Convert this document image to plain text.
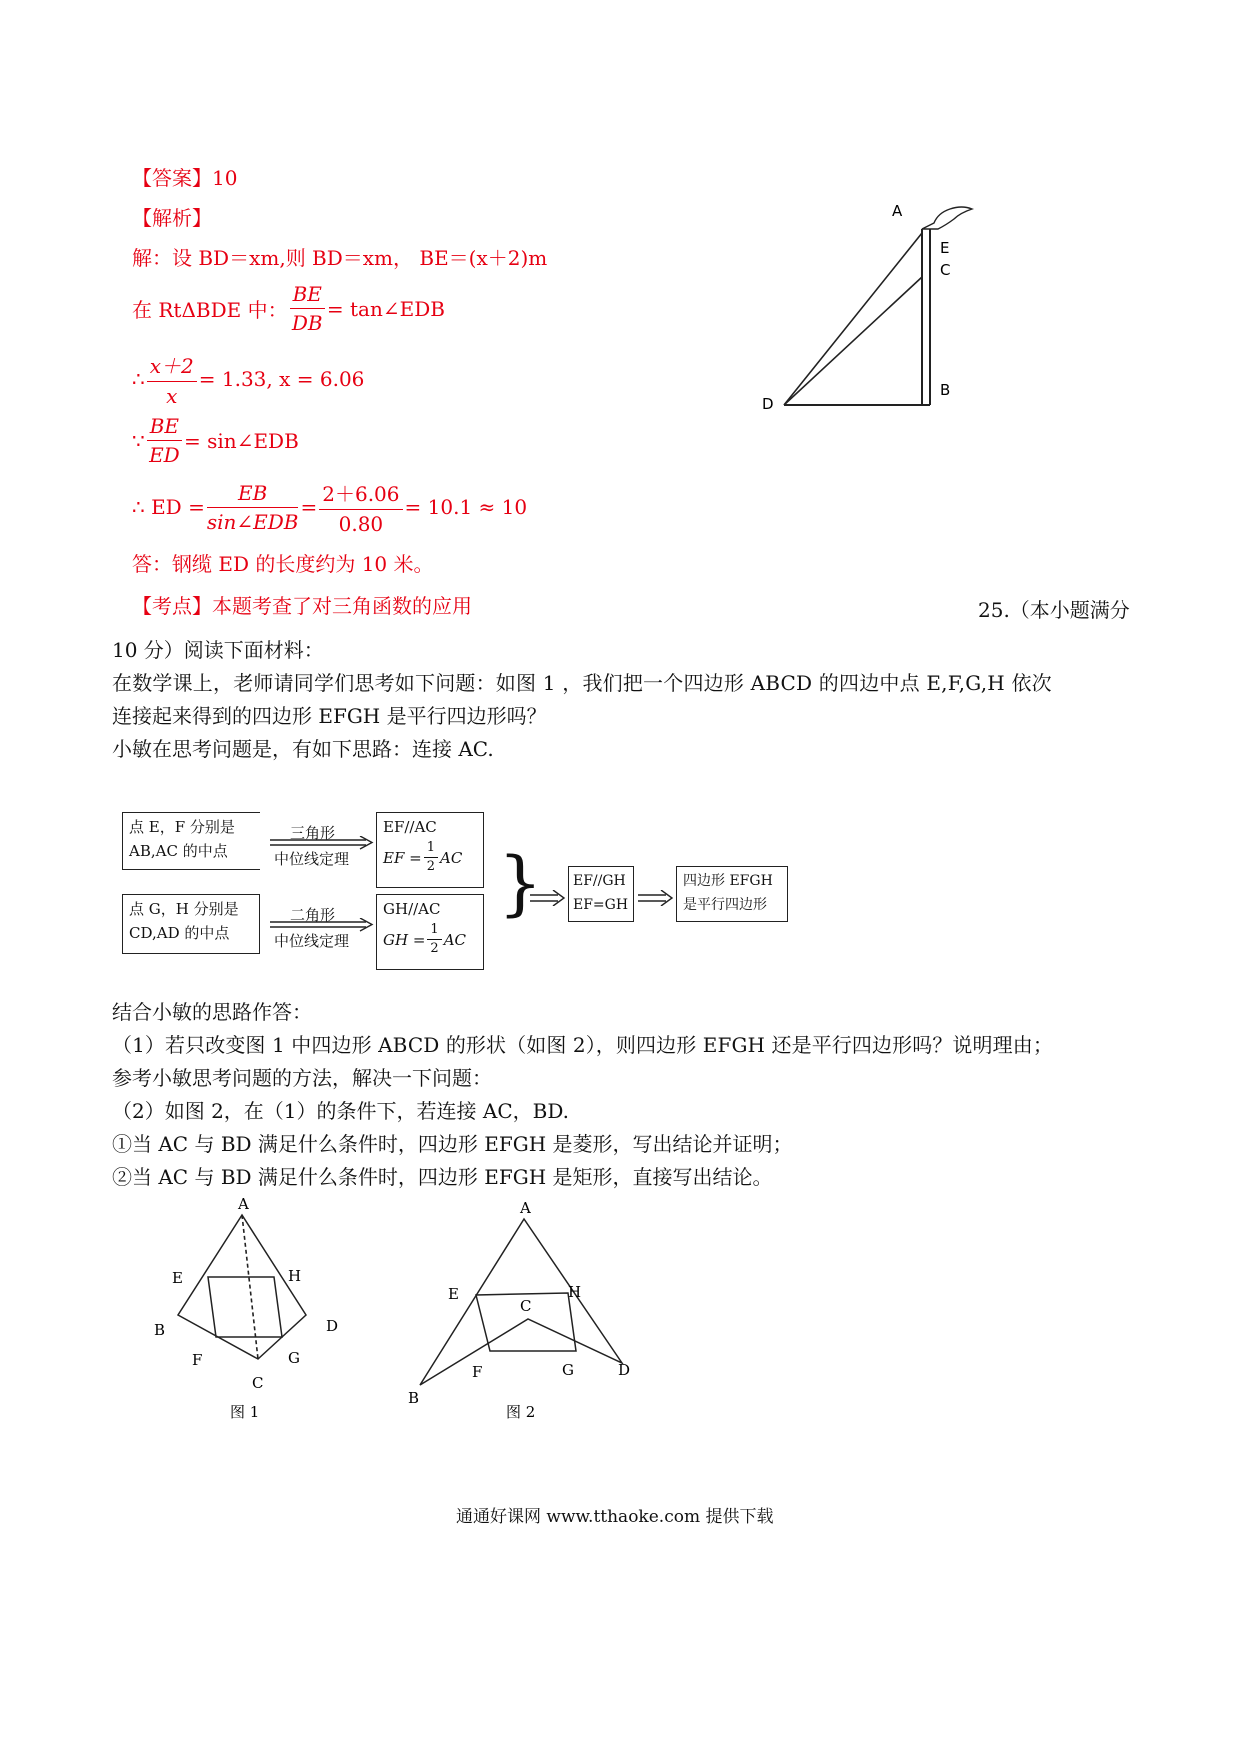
【答案】10
【解析】
解：设 BD＝xm,则 BD＝xm， BE＝(x＋2)m
在 RtΔBDE 中： $\frac{BE}{DB}$ = tan∠EDB
∴ $\frac{x+2}{x} = 1.33$, x = 6.06
∵ $\frac{BE}{ED}$ = sin∠EDB
∴ ED = $\frac{EB}{\text{sin∠EDB}} = \frac{2+6.06}{0.80} = 10.1 \approx 10$
答：钢缆 ED 的长度约为 10 米。
【考点】本题考查了对三角函数的应用
A
E
C
B
D
25.（本小题满分
10 分）阅读下面材料：
在数学课上，老师请同学们思考如下问题：如图 1 ，我们把一个四边形 ABCD 的四边中点 E,F,G,H 依次
连接起来得到的四边形 EFGH 是平行四边形吗？
小敏在思考问题是，有如下思路：连接 AC.
点 E，F 分别是
AB,AC 的中点
三角形
中位线定理
EF//AC
EF = $\frac{1}{2}$ AC
点 G，H 分别是
CD,AD 的中点
二角形
中位线定理
GH//AC
GH = $\frac{1}{2}$ AC
} EF//GH
EF=GH
四边形 EFGH
是平行四边形
结合小敏的思路作答：
（1）若只改变图 1 中四边形 ABCD 的形状（如图 2），则四边形 EFGH 还是平行四边形吗？说明理由；
参考小敏思考问题的方法，解决一下问题：
（2）如图 2，在（1）的条件下，若连接 AC，BD.
①当 AC 与 BD 满足什么条件时，四边形 EFGH 是菱形，写出结论并证明；
②当 AC 与 BD 满足什么条件时，四边形 EFGH 是矩形，直接写出结论。
A
E	H
B	D
F	G
C
图 1
A
E	H
C
F	G	D
B
图 2
通通好课网 www.tthaoke.com 提供下载
